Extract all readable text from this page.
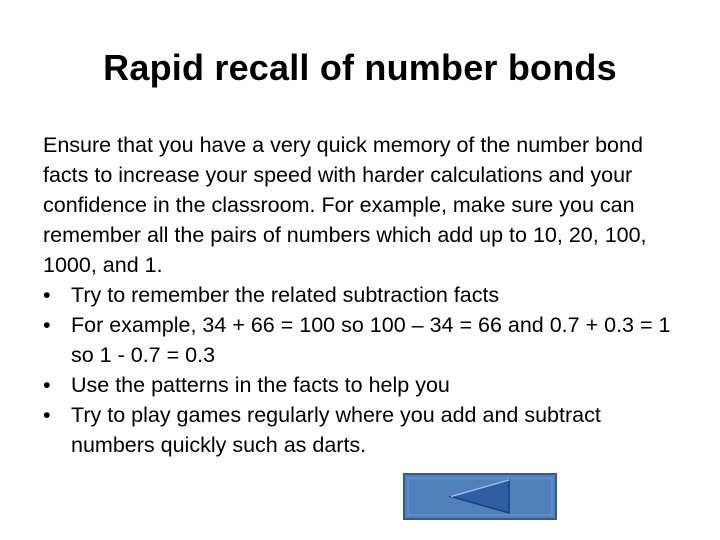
Rapid recall of number bonds

Ensure that you have a very quick memory of the number bond facts to increase your speed with harder calculations and your confidence in the classroom. For example, make sure you can remember all the pairs of numbers which add up to 10, 20, 100, 1000, and 1.

• Try to remember the related subtraction facts
• For example, 34 + 66 = 100 so 100 – 34 = 66 and 0.7 + 0.3 = 1 so 1 - 0.7 = 0.3
• Use the patterns in the facts to help you
• Try to play games regularly where you add and subtract numbers quickly such as darts.
